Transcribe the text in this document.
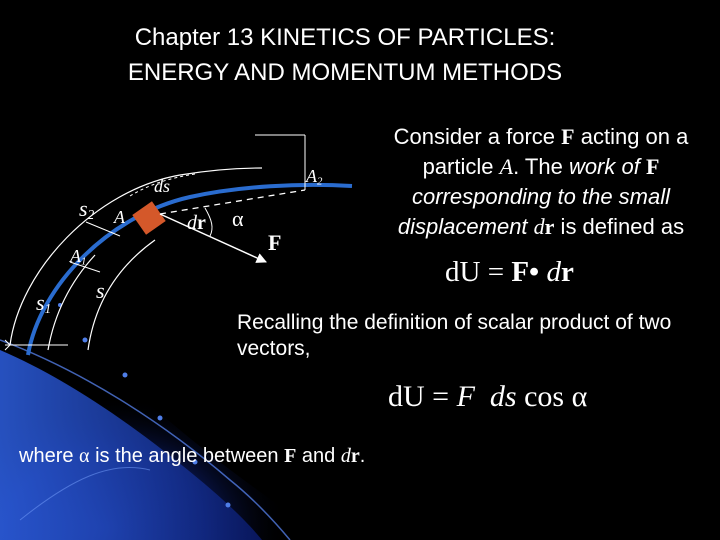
Chapter 13 KINETICS OF PARTICLES:
ENERGY AND MOMENTUM METHODS
s2 A
ds
dr α
A2
F
A1
s1
s
Consider a force F acting on a particle A. The work of F corresponding to the small displacement dr is defined as
dU = F• dr
Recalling the definition of scalar product of two vectors,
dU = F ds cos α
where α is the angle between F and dr.
